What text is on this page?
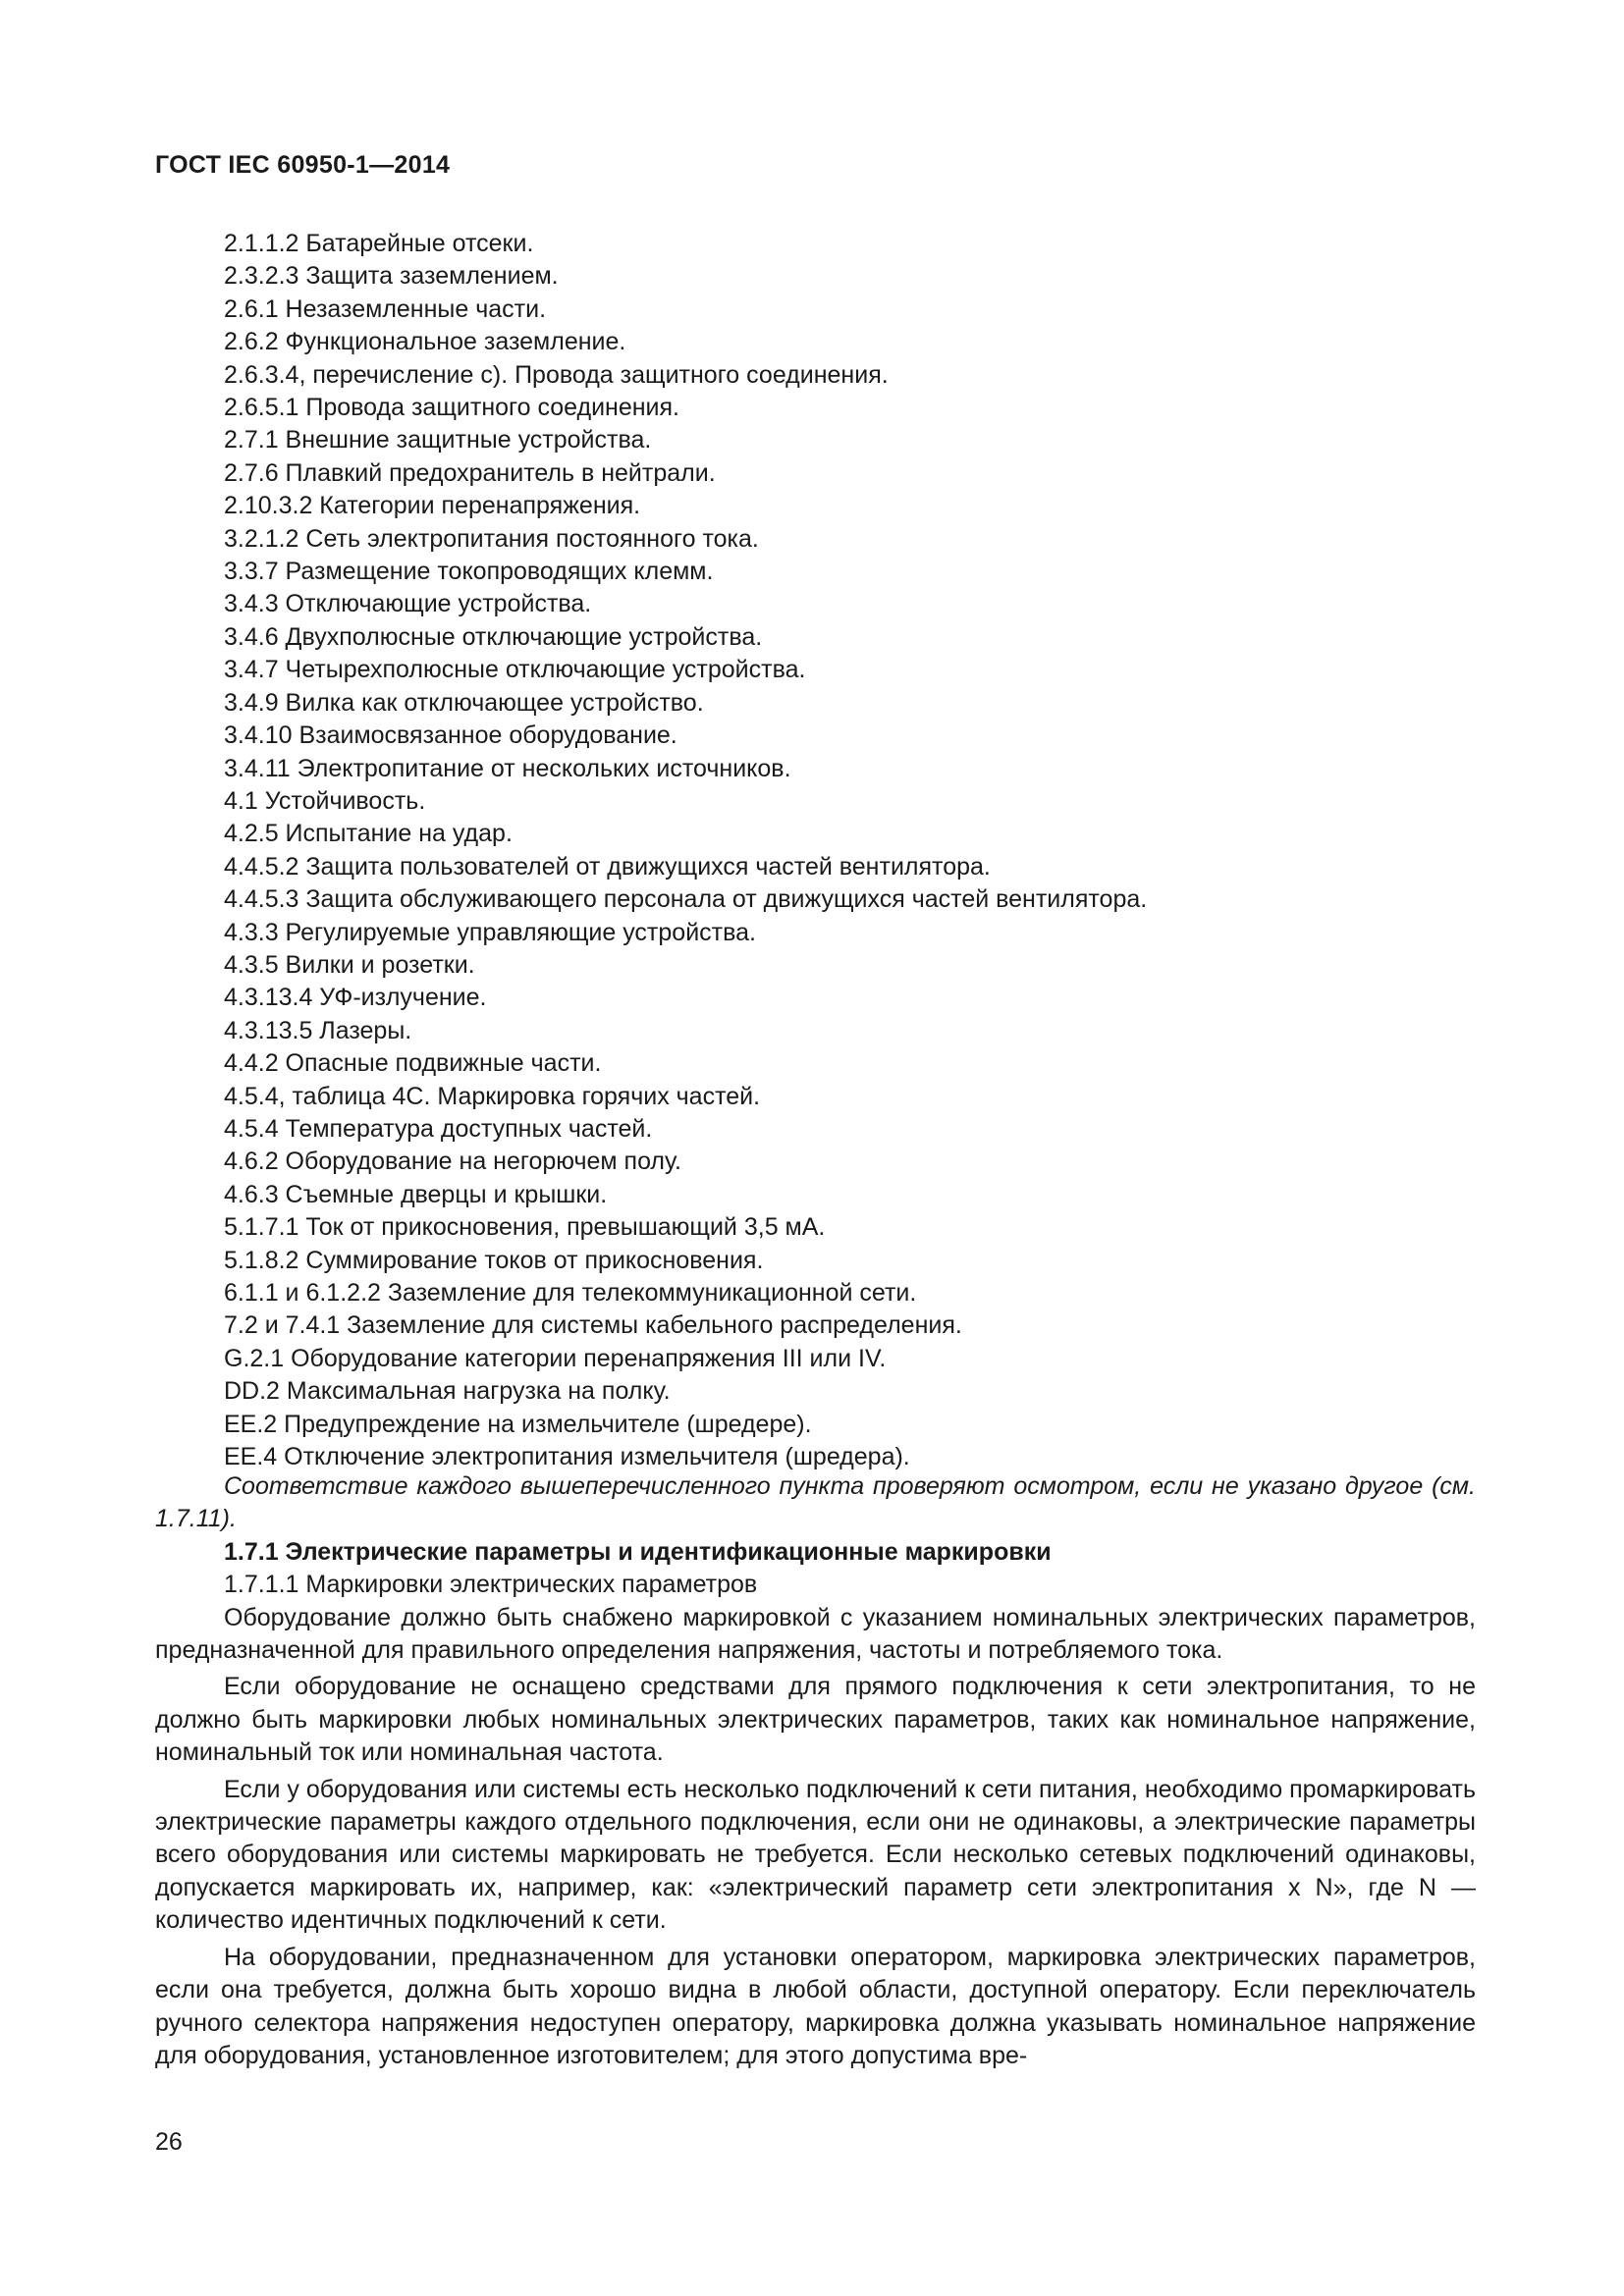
ГОСТ IEC 60950-1—2014
2.1.1.2 Батарейные отсеки.
2.3.2.3 Защита заземлением.
2.6.1 Незаземленные части.
2.6.2 Функциональное заземление.
2.6.3.4, перечисление с). Провода защитного соединения.
2.6.5.1 Провода защитного соединения.
2.7.1 Внешние защитные устройства.
2.7.6 Плавкий предохранитель в нейтрали.
2.10.3.2 Категории перенапряжения.
3.2.1.2 Сеть электропитания постоянного тока.
3.3.7 Размещение токопроводящих клемм.
3.4.3 Отключающие устройства.
3.4.6 Двухполюсные отключающие устройства.
3.4.7 Четырехполюсные отключающие устройства.
3.4.9 Вилка как отключающее устройство.
3.4.10 Взаимосвязанное оборудование.
3.4.11 Электропитание от нескольких источников.
4.1 Устойчивость.
4.2.5 Испытание на удар.
4.4.5.2 Защита пользователей от движущихся частей вентилятора.
4.4.5.3 Защита обслуживающего персонала от движущихся частей вентилятора.
4.3.3 Регулируемые управляющие устройства.
4.3.5 Вилки и розетки.
4.3.13.4 УФ-излучение.
4.3.13.5 Лазеры.
4.4.2 Опасные подвижные части.
4.5.4, таблица 4С. Маркировка горячих частей.
4.5.4 Температура доступных частей.
4.6.2 Оборудование на негорючем полу.
4.6.3 Съемные дверцы и крышки.
5.1.7.1 Ток от прикосновения, превышающий 3,5 мА.
5.1.8.2 Суммирование токов от прикосновения.
6.1.1 и 6.1.2.2 Заземление для телекоммуникационной сети.
7.2 и 7.4.1 Заземление для системы кабельного распределения.
G.2.1 Оборудование категории перенапряжения III или IV.
DD.2 Максимальная нагрузка на полку.
ЕЕ.2 Предупреждение на измельчителе (шредере).
ЕЕ.4 Отключение электропитания измельчителя (шредера).

Соответствие каждого вышеперечисленного пункта проверяют осмотром, если не указано другое (см. 1.7.11).

1.7.1 Электрические параметры и идентификационные маркировки

1.7.1.1 Маркировки электрических параметров

Оборудование должно быть снабжено маркировкой с указанием номинальных электрических параметров, предназначенной для правильного определения напряжения, частоты и потребляемого тока.

Если оборудование не оснащено средствами для прямого подключения к сети электропитания, то не должно быть маркировки любых номинальных электрических параметров, таких как номинальное напряжение, номинальный ток или номинальная частота.

Если у оборудования или системы есть несколько подключений к сети питания, необходимо промаркировать электрические параметры каждого отдельного подключения, если они не одинаковы, а электрические параметры всего оборудования или системы маркировать не требуется. Если несколько сетевых подключений одинаковы, допускается маркировать их, например, как: «электрический параметр сети электропитания x N», где N — количество идентичных подключений к сети.

На оборудовании, предназначенном для установки оператором, маркировка электрических параметров, если она требуется, должна быть хорошо видна в любой области, доступной оператору. Если переключатель ручного селектора напряжения недоступен оператору, маркировка должна указывать номинальное напряжение для оборудования, установленное изготовителем; для этого допустима вре-

26
